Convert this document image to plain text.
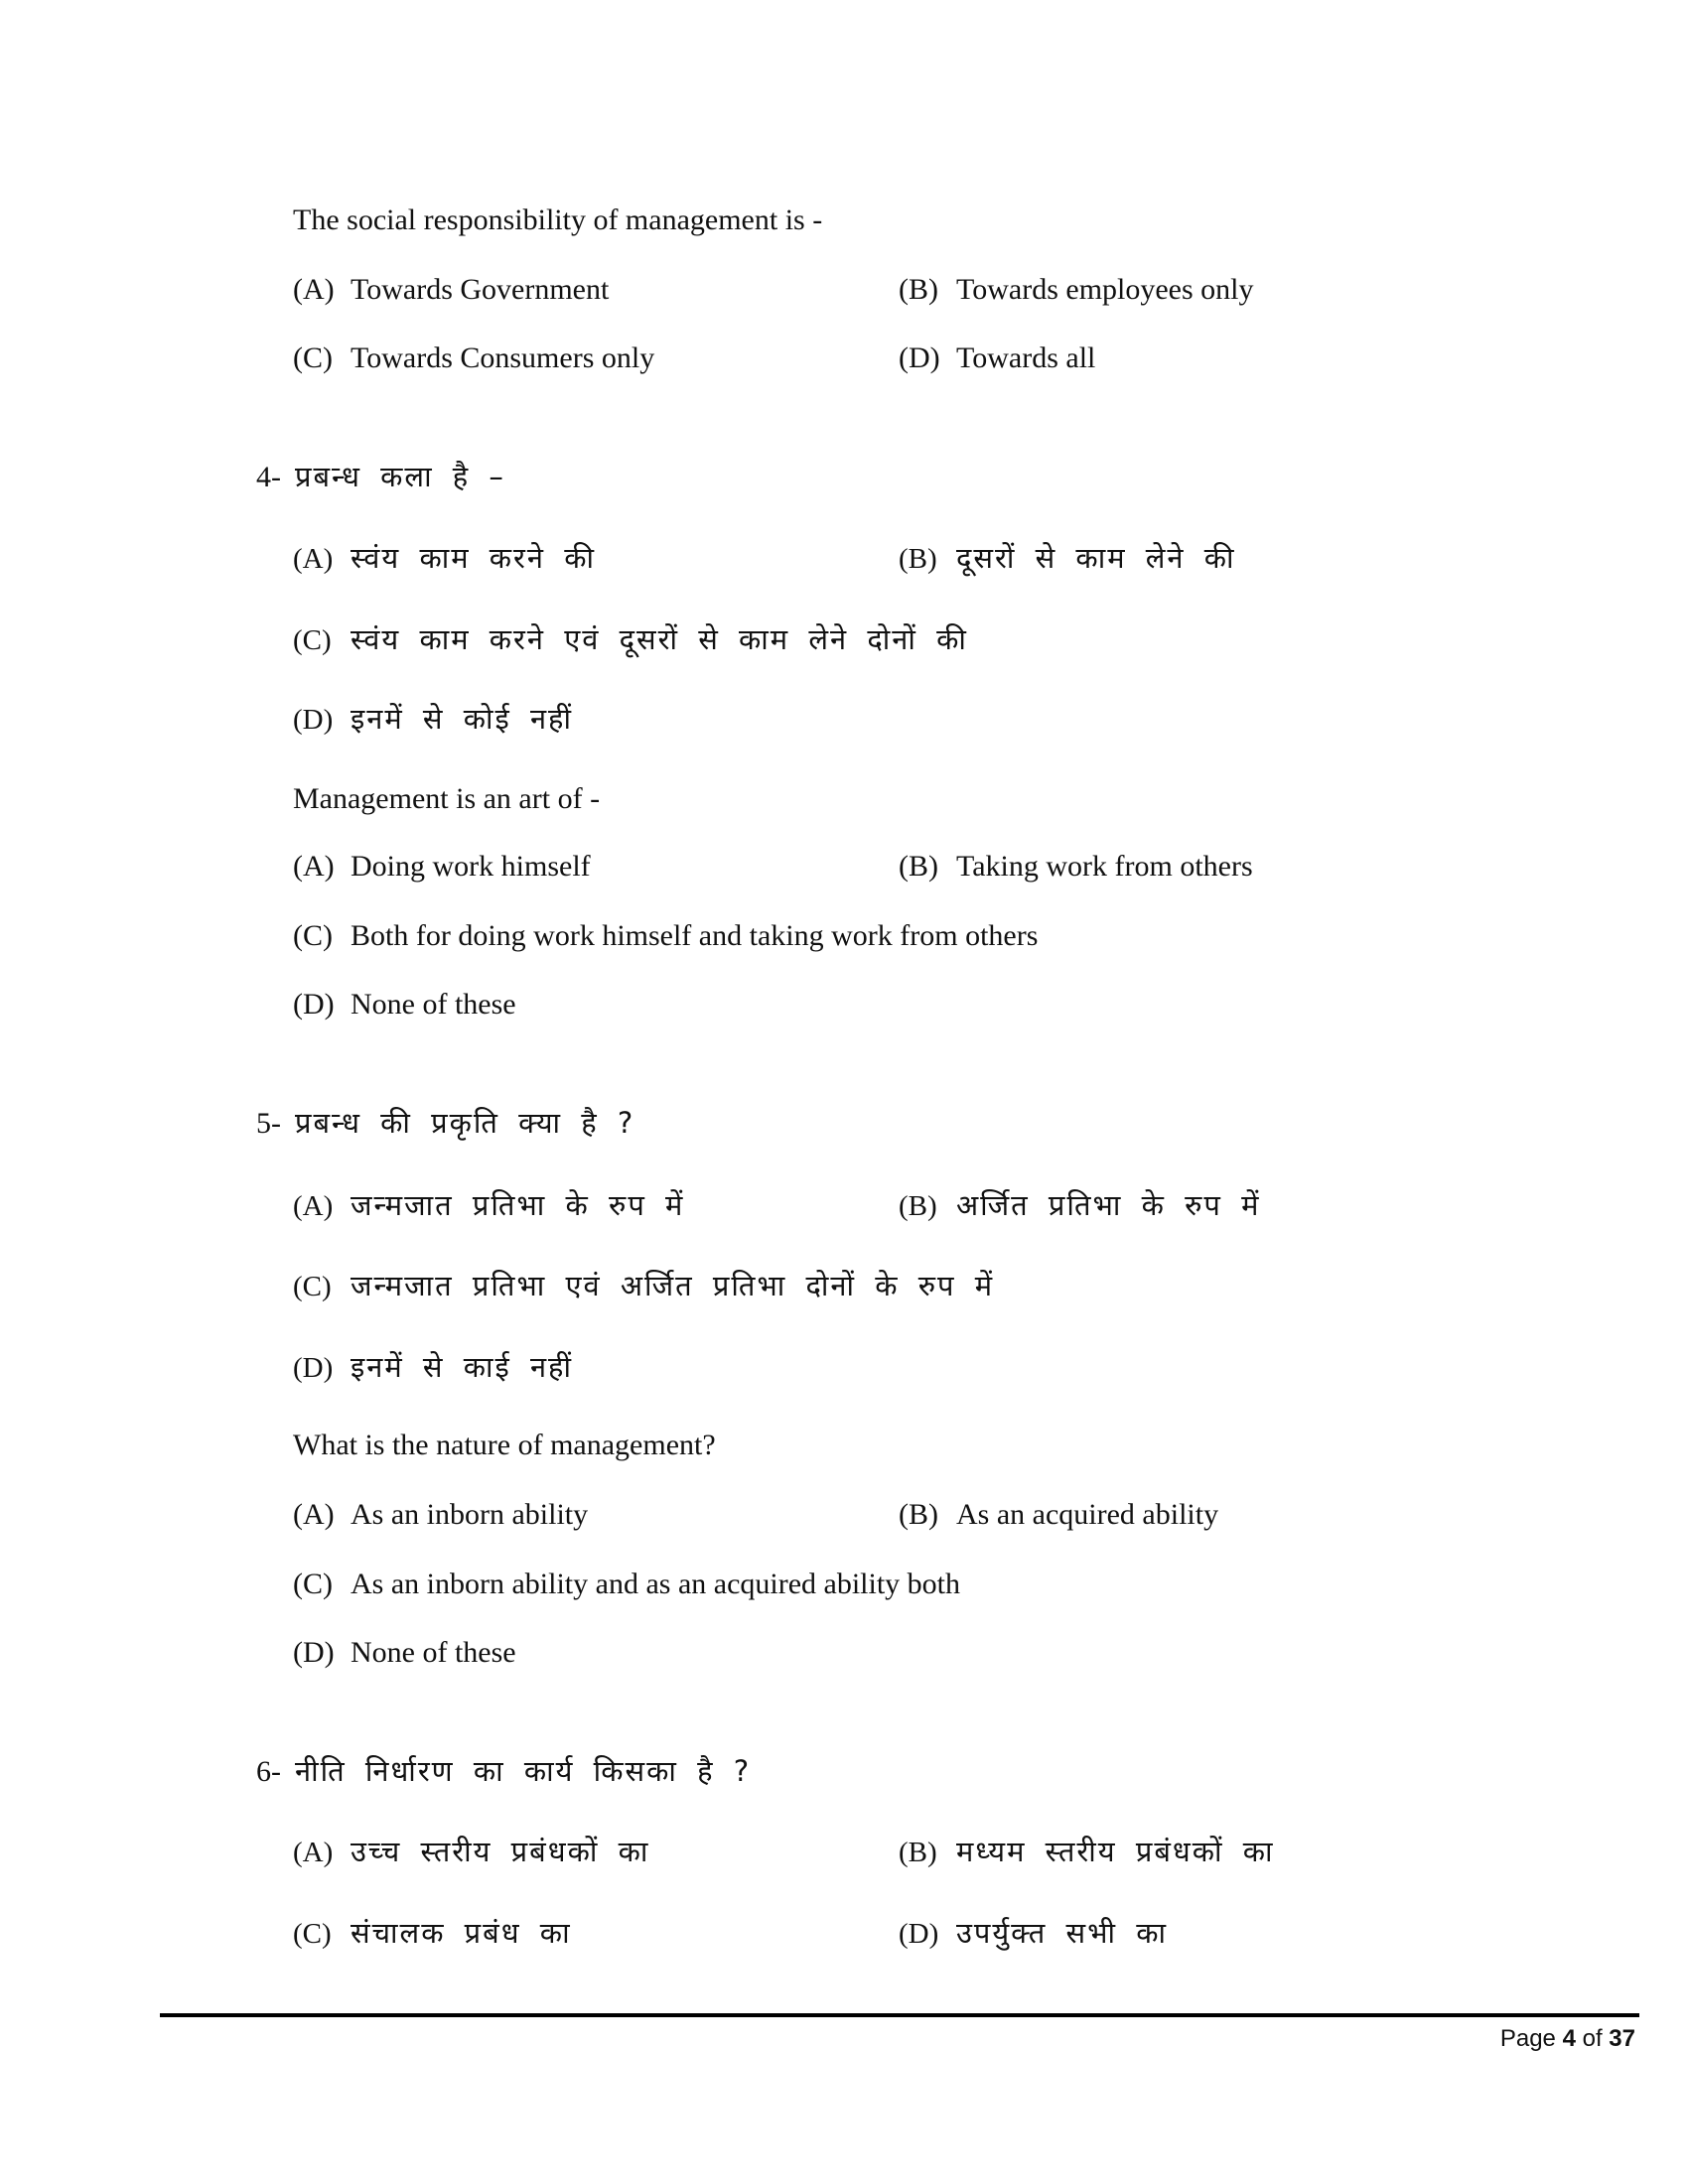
The social responsibility of management is -
(A) Towards Government	(B) Towards employees only
(C) Towards Consumers only	(D) Towards all
4- प्रबन्ध कला है –
(A) स्वंय काम करने की	(B) दूसरों से काम लेने की
(C) स्वंय काम करने एवं दूसरों से काम लेने दोनों की
(D) इनमें से कोई नहीं
Management is an art of -
(A) Doing work himself	(B) Taking work from others
(C) Both for doing work himself and taking work from others
(D) None of these
5- प्रबन्ध की प्रकृति क्या है ?
(A) जन्मजात प्रतिभा के रुप में	(B) अर्जित प्रतिभा के रुप में
(C) जन्मजात प्रतिभा एवं अर्जित प्रतिभा दोनों के रुप में
(D) इनमें से काई नहीं
What is the nature of management?
(A) As an inborn ability	(B) As an acquired ability
(C) As an inborn ability and as an acquired ability both
(D) None of these
6- नीति निर्धारण का कार्य किसका है ?
(A) उच्च स्तरीय प्रबंधकों का	(B) मध्यम स्तरीय प्रबंधकों का
(C) संचालक प्रबंध का	(D) उपर्युक्त सभी का
Page 4 of 37
